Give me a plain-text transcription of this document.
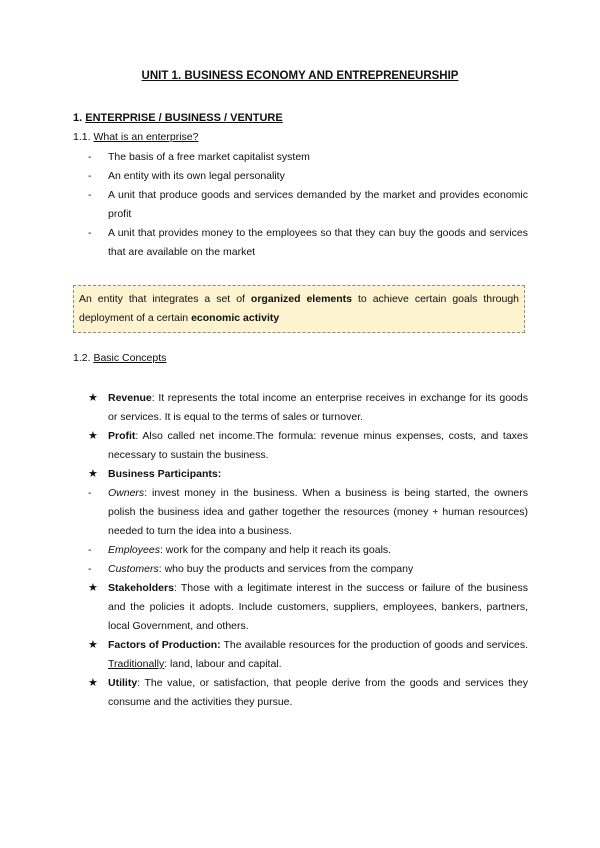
UNIT 1. BUSINESS ECONOMY AND ENTREPRENEURSHIP
1. ENTERPRISE / BUSINESS / VENTURE
1.1. What is an enterprise?
-	The basis of a free market capitalist system
-	An entity with its own legal personality
-	A unit that produce goods and services demanded by the market and provides economic profit
-	A unit that provides money to the employees so that they can buy the goods and services that are available on the market
An entity that integrates a set of organized elements to achieve certain goals through deployment of a certain economic activity
1.2. Basic Concepts
★ Revenue: It represents the total income an enterprise receives in exchange for its goods or services. It is equal to the terms of sales or turnover.
★ Profit: Also called net income.The formula: revenue minus expenses, costs, and taxes necessary to sustain the business.
★ Business Participants:
-	Owners: invest money in the business. When a business is being started, the owners polish the business idea and gather together the resources (money + human resources) needed to turn the idea into a business.
-	Employees: work for the company and help it reach its goals.
-	Customers: who buy the products and services from the company
★ Stakeholders: Those with a legitimate interest in the success or failure of the business and the policies it adopts. Include customers, suppliers, employees, bankers, partners, local Government, and others.
★ Factors of Production: The available resources for the production of goods and services. Traditionally: land, labour and capital.
★ Utility: The value, or satisfaction, that people derive from the goods and services they consume and the activities they pursue.
